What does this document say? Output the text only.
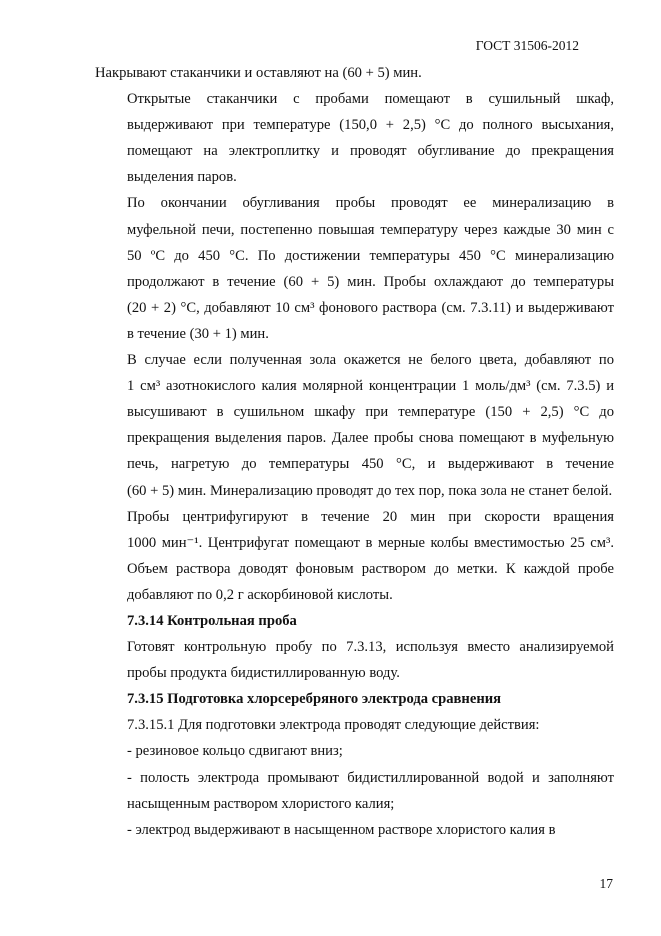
ГОСТ 31506-2012
Накрывают стаканчики и оставляют на (60 + 5) мин.
Открытые стаканчики с пробами помещают в сушильный шкаф,
выдерживают при температуре (150,0 + 2,5) °С до полного высыхания,
помещают на электроплитку и проводят обугливание до прекращения
выделения паров.
По окончании обугливания пробы проводят ее минерализацию в
муфельной печи, постепенно повышая температуру через каждые 30 мин с
50 ºС до 450 °С. По достижении температуры 450 °С минерализацию
продолжают в течение (60 + 5) мин. Пробы охлаждают до температуры
(20 + 2) °С, добавляют 10 см³ фонового раствора (см. 7.3.11) и выдерживают
в течение (30 + 1) мин.
В случае если полученная зола окажется не белого цвета, добавляют по
1 см³ азотнокислого калия молярной концентрации 1 моль/дм³ (см. 7.3.5) и
высушивают в сушильном шкафу при температуре (150 + 2,5) °С до
прекращения выделения паров. Далее пробы снова помещают в муфельную
печь, нагретую до температуры 450 °С, и выдерживают в течение
(60 + 5) мин. Минерализацию проводят до тех пор, пока зола не станет белой.
Пробы центрифугируют в течение 20 мин при скорости вращения
1000 мин⁻¹. Центрифугат помещают в мерные колбы вместимостью 25 см³.
Объем раствора доводят фоновым раствором до метки. К каждой пробе
добавляют по 0,2 г аскорбиновой кислоты.
7.3.14 Контрольная проба
Готовят контрольную пробу по 7.3.13, используя вместо анализируемой
пробы продукта бидистиллированную воду.
7.3.15 Подготовка хлорсеребряного электрода сравнения
7.3.15.1 Для подготовки электрода проводят следующие действия:
- резиновое кольцо сдвигают вниз;
- полость электрода промывают бидистиллированной водой и заполняют
насыщенным раствором хлористого калия;
- электрод выдерживают в насыщенном растворе хлористого калия в
17
